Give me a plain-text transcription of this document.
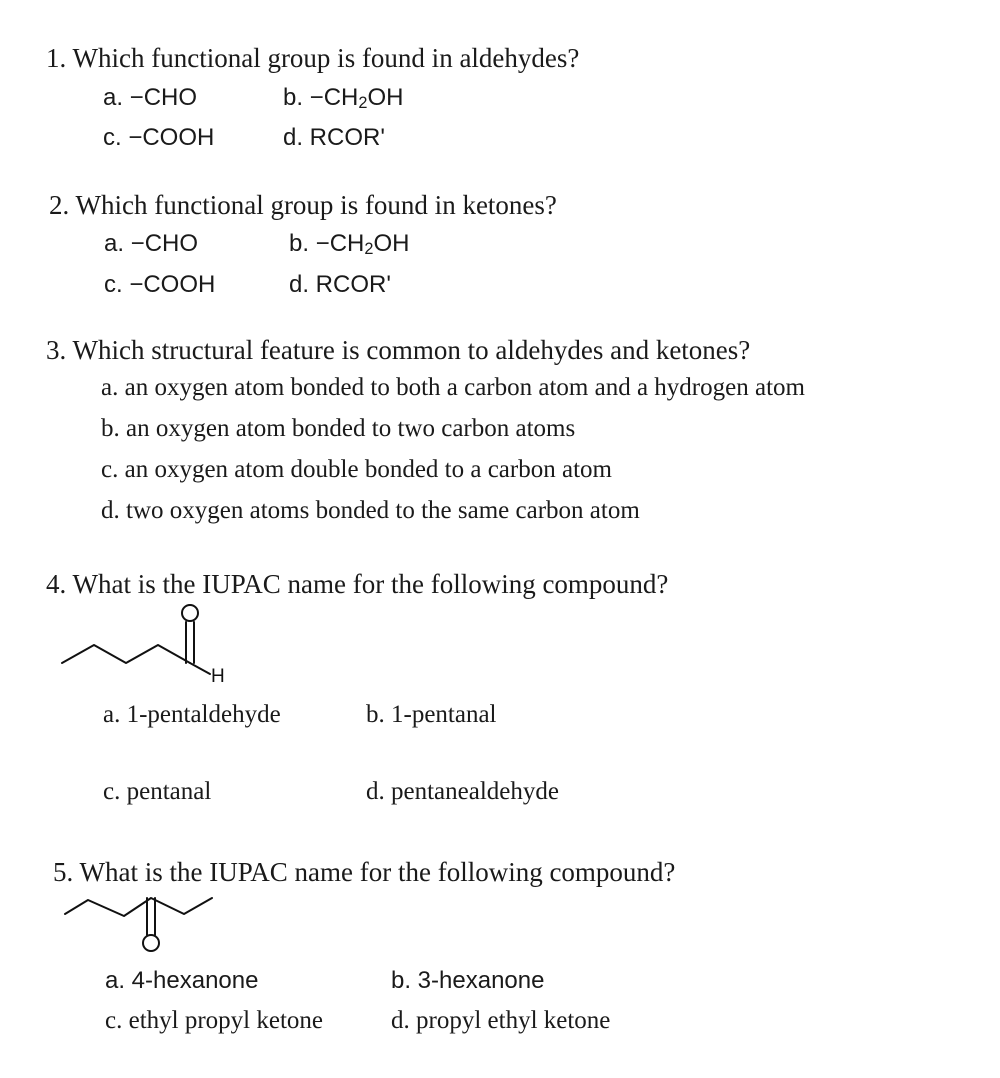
1. Which functional group is found in aldehydes?
a. −CHO	b. $-CH_2OH$
c. −COOH	d. RCOR'
2. Which functional group is found in ketones?
a. −CHO	b. $-CH_2OH$
c. −COOH	d. RCOR'
3. Which structural feature is common to aldehydes and ketones?
a. an oxygen atom bonded to both a carbon atom and a hydrogen atom
b. an oxygen atom bonded to two carbon atoms
c. an oxygen atom double bonded to a carbon atom
d. two oxygen atoms bonded to the same carbon atom
4. What is the IUPAC name for the following compound?
H
a. 1-pentaldehyde	b. 1-pentanal
c. pentanal	d. pentanealdehyde
5. What is the IUPAC name for the following compound?
a. 4-hexanone	b. 3-hexanone
c. ethyl propyl ketone	d. propyl ethyl ketone
